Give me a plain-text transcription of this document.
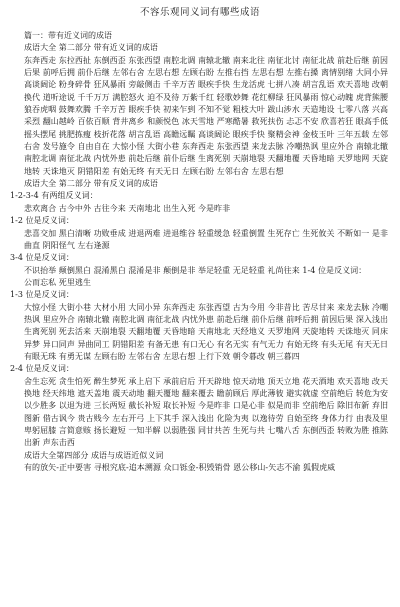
不容乐观同义词有哪些成语

篇一：带有近义词的成语

成语大全 第二部分 带有近义词的成语

东奔西走 东拉西扯 东倒西歪 东张西望 南腔北调 南辕北辙 南来北往 南征北讨 南征北战 前赴后继 前因后果 前呼后拥 前仆后继 左邻右舍 左思右想 左顾右盼 左推右挡 左思右想 左推右搡 离情别绪 大同小异 高谈阔论 粉身碎骨 狂风暴雨 旁敲侧击 千辛万苦 眼疾手快 生龙活虎 七拼八凑 胡言乱语 欢天喜地 改朝换代 道听途说 千千万万 满腔怒火 迫不及待 万紫千红 轻歌妙舞 花红柳绿 狂风暴雨 惊心动魄 虎背熊腰 狼吞虎咽 鼓舞欢腾 千辛万苦 眼疾手快 初来乍到 不知不觉 粗枝大叶 跋山涉水 天造地设 七零八落 兴高采烈 翻山越岭 百依百顺 背井离乡 和颜悦色 冰天雪地 严寒酷暑 救死扶伤 忐忑不安 欣喜若狂 眼高手低 摇头摆尾 挑肥拣瘦 枝折花落 胡言乱语 高瞻远瞩 高谈阔论 眼疾手快 聚精会神 金枝玉叶 三年五载 左邻右舍 发号施令 自由自在 大惊小怪 大街小巷 东奔西走 东张西望 来龙去脉 冷嘲热讽 里应外合 南辕北辙 南腔北调 南征北战 内忧外患 前赴后继 前仆后继 生离死别 天崩地裂 天翻地覆 天昏地暗 天罗地网 天旋地转 天诛地灭 阴错阳差 有始无终 有天无日 左顾右盼 左邻右舍 左思右想

成语大全 第二部分 带有反义词的成语

1-2-3-4 有两组反义词：

悲欢离合 古今中外 古往今来 天南地北 出生入死 今是昨非

1-2 位是反义词：

悲喜交加 黑白清晰 功败垂成 进退两难 进退维谷 轻重缓急 轻重倒置 生死存亡 生死攸关 不断如一 是非曲直 阴阳怪气 左右逢源

3-4 位是反义词：

不识抬举 颠倒黑白 混淆黑白 混淆是非 颠倒是非 举足轻重 无足轻重 礼尚往来 1-4 位是反义词：

公而忘私 死里逃生

1-3 位是反义词：

大惊小怪 大街小巷 大材小用 大同小异 东奔西走 东张西望 古为今用 今非昔比 苦尽甘来 来龙去脉 冷嘲热讽 里应外合 南辕北辙 南腔北调 南征北战 内忧外患 前赴后继 前仆后继 前呼后拥 前因后果 深入浅出 生离死别 死去活来 天崩地裂 天翻地覆 天昏地暗 天南地北 天经地义 天罗地网 天旋地转 天诛地灭 同床异梦 异口同声 异曲同工 阴错阳差 有备无患 有口无心 有名无实 有气无力 有始无终 有头无尾 有天无日 有眼无珠 有勇无谋 左顾右盼 左邻右舍 左思右想 上行下效 朝令暮改 朝三暮四

2-4 位是反义词：

舍生忘死 贪生怕死 醉生梦死 承上启下 承前启后 开天辟地 惊天动地 顶天立地 花天酒地 欢天喜地 改天换地 经天纬地 遮天盖地 震天动地 翻天覆地 翻来覆去 瞻前顾后 厚此薄彼 避实就虚 空前绝后 转危为安 以少胜多 以退为进 三长两短 截长补短 取长补短 今是昨非 口是心非 似是而非 空前绝后 除旧布新 弃旧图新 借古讽今 贵古贱今 左右开弓 上下其手 深入浅出 化险为夷 以逸待劳 自始至终 身体力行 由表及里 卑躬屈膝 言简意赅 扬长避短 一知半解 以弱胜强 同甘共苦 生死与共 七嘴八舌 东倒西歪 转败为胜 推陈出新 声东击西

成语大全第四部分 成语与成语近似义词

有的放矢-正中要害 寻根究底-追本溯源 众口铄金-积毁销骨 恩公移山-矢志不渝 狐假虎威
